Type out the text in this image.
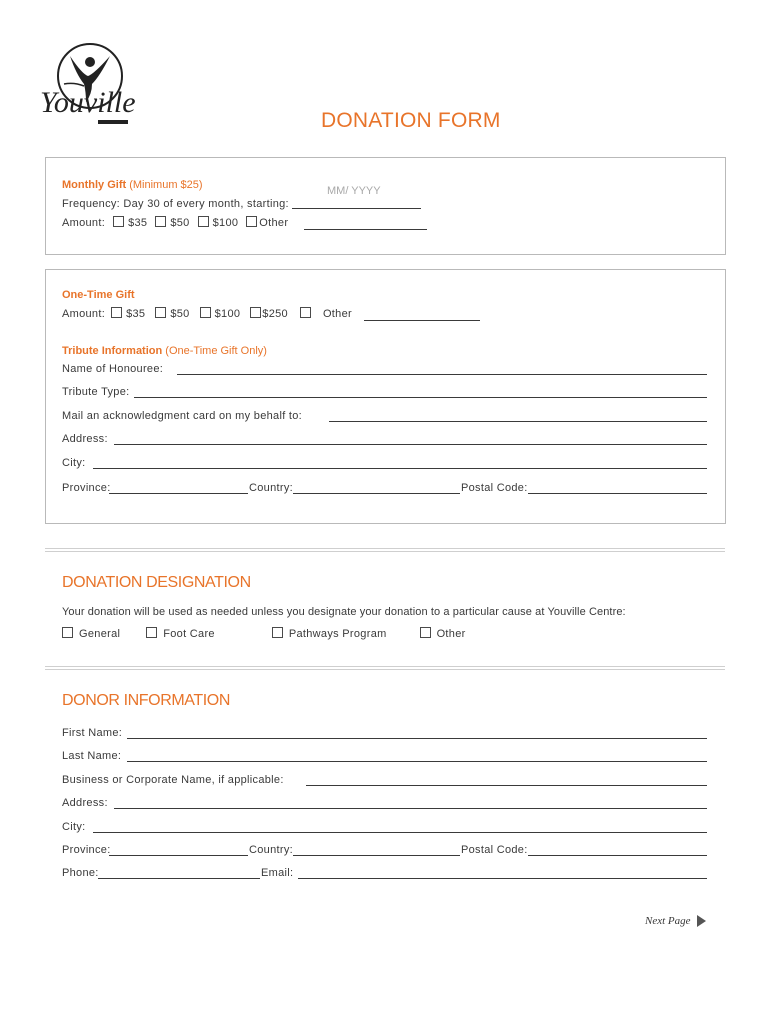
Youville
DONATION FORM
Monthly Gift (Minimum $25)	MM/ YYYY
Frequency: Day 30 of every month, starting:
Amount:	$35	$50	$100	Other
One-Time Gift
Amount:	$35	$50	$100	$250	Other
Tribute Information (One-Time Gift Only)
Name of Honouree:
Tribute Type:
Mail an acknowledgment card on my behalf to:
Address:
City:
Province:	Country:	Postal Code:
DONATION DESIGNATION
Your donation will be used as needed unless you designate your donation to a particular cause at Youville Centre:
General	Foot Care	Pathways Program	Other
DONOR INFORMATION
First Name:
Last Name:
Business or Corporate Name, if applicable:
Address:
City:
Province:	Country:	Postal Code:
Phone:	Email:
Next Page
